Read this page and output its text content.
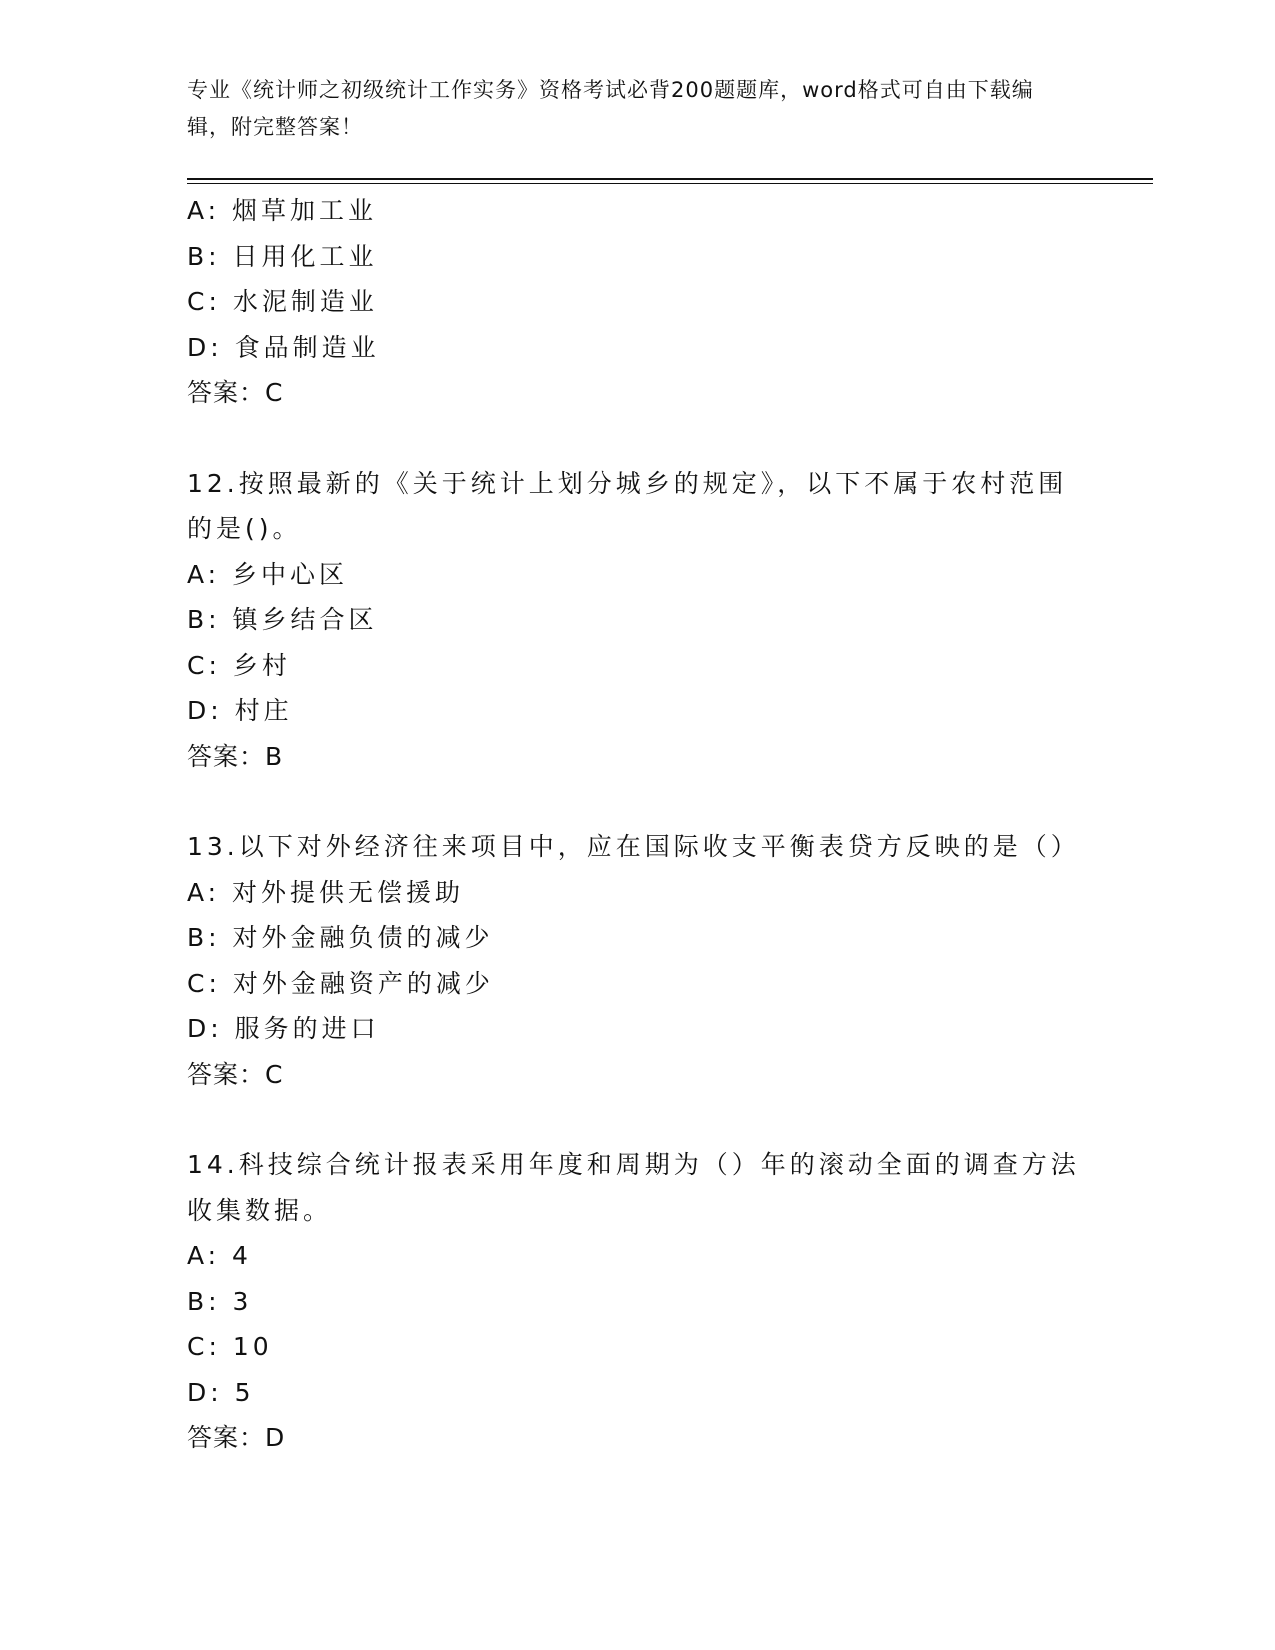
专业《统计师之初级统计工作实务》资格考试必背200题题库，word格式可自由下载编辑，附完整答案！
A: 烟草加工业
B: 日用化工业
C: 水泥制造业
D: 食品制造业
答案：C
12.按照最新的《关于统计上划分城乡的规定》，以下不属于农村范围的是()。
A: 乡中心区
B: 镇乡结合区
C: 乡村
D: 村庄
答案：B
13.以下对外经济往来项目中，应在国际收支平衡表贷方反映的是（）
A: 对外提供无偿援助
B: 对外金融负债的减少
C: 对外金融资产的减少
D: 服务的进口
答案：C
14.科技综合统计报表采用年度和周期为（）年的滚动全面的调查方法收集数据。
A: 4
B: 3
C: 10
D: 5
答案：D
